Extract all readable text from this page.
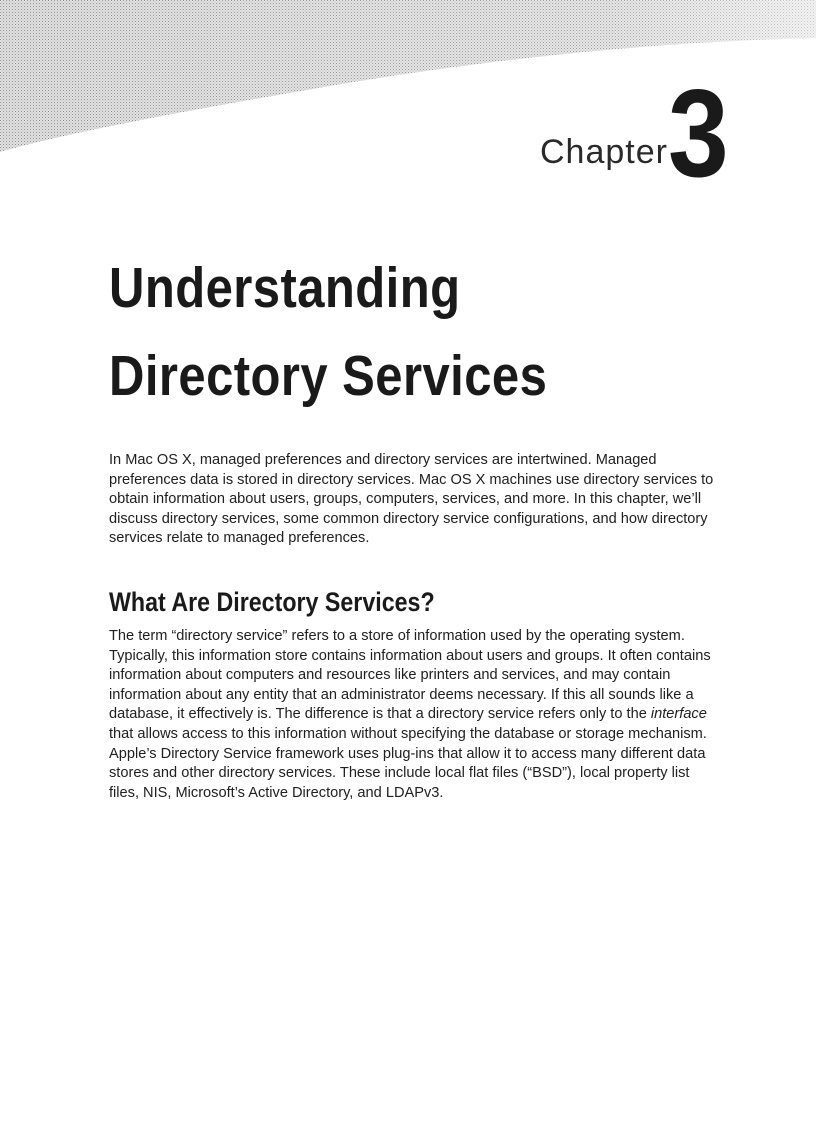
Chapter 3
Understanding Directory Services

In Mac OS X, managed preferences and directory services are intertwined. Managed preferences data is stored in directory services. Mac OS X machines use directory services to obtain information about users, groups, computers, services, and more. In this chapter, we’ll discuss directory services, some common directory service configurations, and how directory services relate to managed preferences.

What Are Directory Services?

The term “directory service” refers to a store of information used by the operating system. Typically, this information store contains information about users and groups. It often contains information about computers and resources like printers and services, and may contain information about any entity that an administrator deems necessary. If this all sounds like a database, it effectively is. The difference is that a directory service refers only to the interface that allows access to this information without specifying the database or storage mechanism. Apple’s Directory Service framework uses plug-ins that allow it to access many different data stores and other directory services. These include local flat files (“BSD”), local property list files, NIS, Microsoft’s Active Directory, and LDAPv3.
